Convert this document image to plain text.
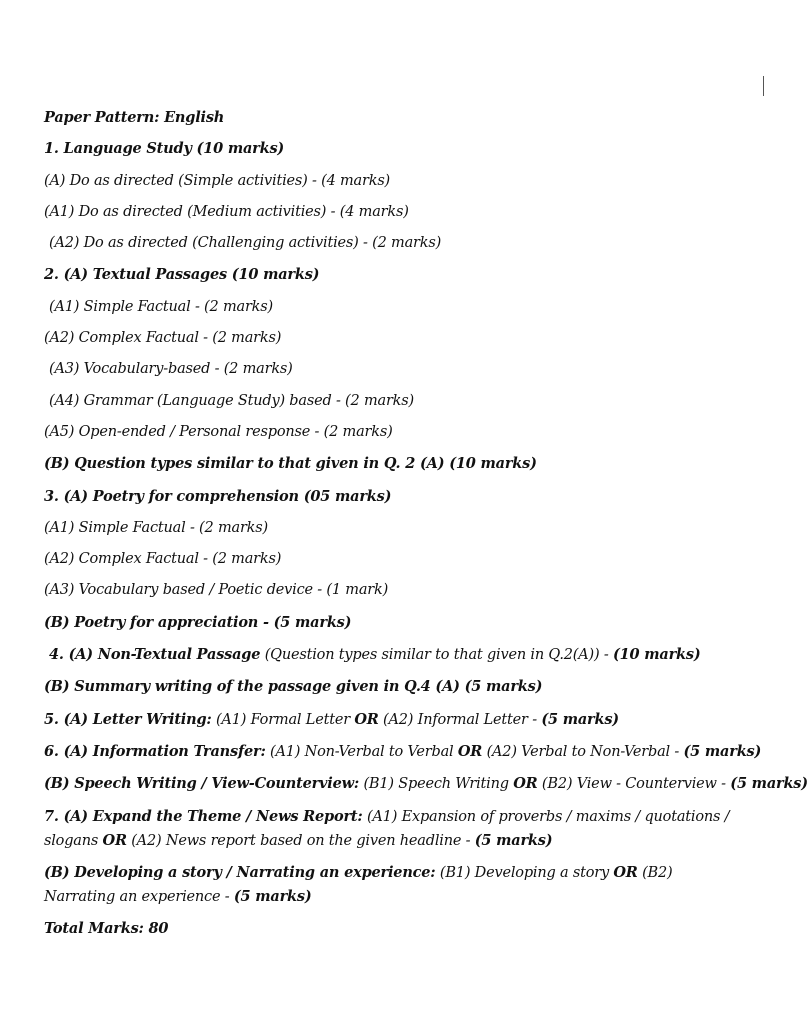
Paper Pattern: English
1. Language Study (10 marks)
(A) Do as directed (Simple activities) - (4 marks)
(A1) Do as directed (Medium activities) - (4 marks)
(A2) Do as directed (Challenging activities) - (2 marks)
2. (A) Textual Passages (10 marks)
(A1) Simple Factual - (2 marks)
(A2) Complex Factual - (2 marks)
(A3) Vocabulary-based - (2 marks)
(A4) Grammar (Language Study) based - (2 marks)
(A5) Open-ended / Personal response - (2 marks)
(B) Question types similar to that given in Q. 2 (A) (10 marks)
3. (A) Poetry for comprehension (05 marks)
(A1) Simple Factual - (2 marks)
(A2) Complex Factual - (2 marks)
(A3) Vocabulary based / Poetic device - (1 mark)
(B) Poetry for appreciation - (5 marks)
4. (A) Non-Textual Passage (Question types similar to that given in Q.2(A)) - (10 marks)
(B) Summary writing of the passage given in Q.4 (A) (5 marks)
5. (A) Letter Writing: (A1) Formal Letter OR (A2) Informal Letter - (5 marks)
6. (A) Information Transfer: (A1) Non-Verbal to Verbal OR (A2) Verbal to Non-Verbal - (5 marks)
(B) Speech Writing / View-Counterview: (B1) Speech Writing OR (B2) View - Counterview - (5 marks)
7. (A) Expand the Theme / News Report: (A1) Expansion of proverbs / maxims / quotations / slogans OR (A2) News report based on the given headline - (5 marks)
(B) Developing a story / Narrating an experience: (B1) Developing a story OR (B2) Narrating an experience - (5 marks)
Total Marks: 80
